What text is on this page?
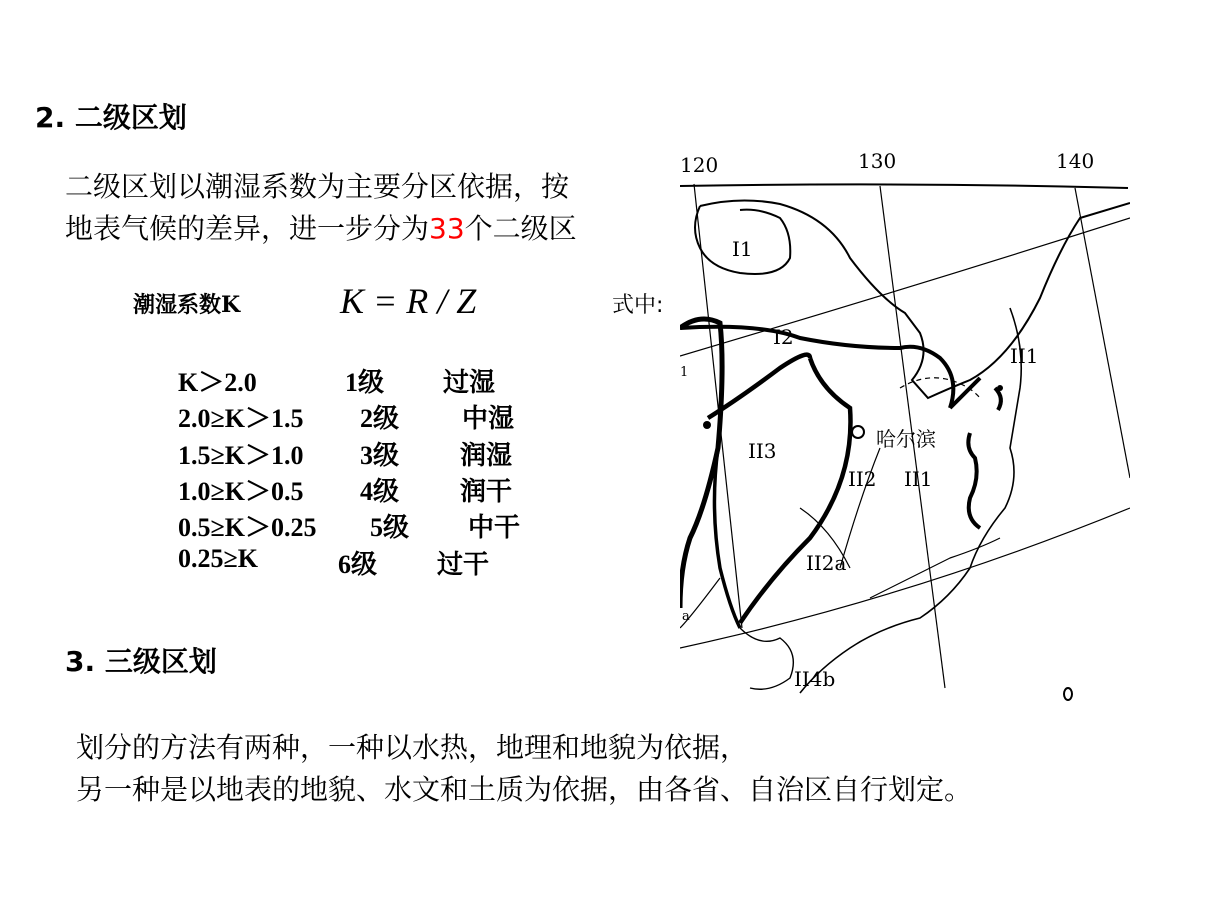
2. 二级区划
二级区划以潮湿系数为主要分区依据，按
地表气候的差异，进一步分为33个二级区
潮湿系数K	K = R / Z	式中:
K＞2.0	1级 过湿
2.0≥K＞1.5 2级 中湿
1.5≥K＞1.0 3级 润湿
1.0≥K＞0.5 4级 润干
0.5≥K＞0.25 5级 中干
0.25≥K	6级 过干
120	130	140
哈尔滨
I1
I2
II1
II3
II2 II1
II2a
II4b
1
a
3. 三级区划
划分的方法有两种，一种以水热，地理和地貌为依据，
另一种是以地表的地貌、水文和土质为依据，由各省、自治区自行划定。
